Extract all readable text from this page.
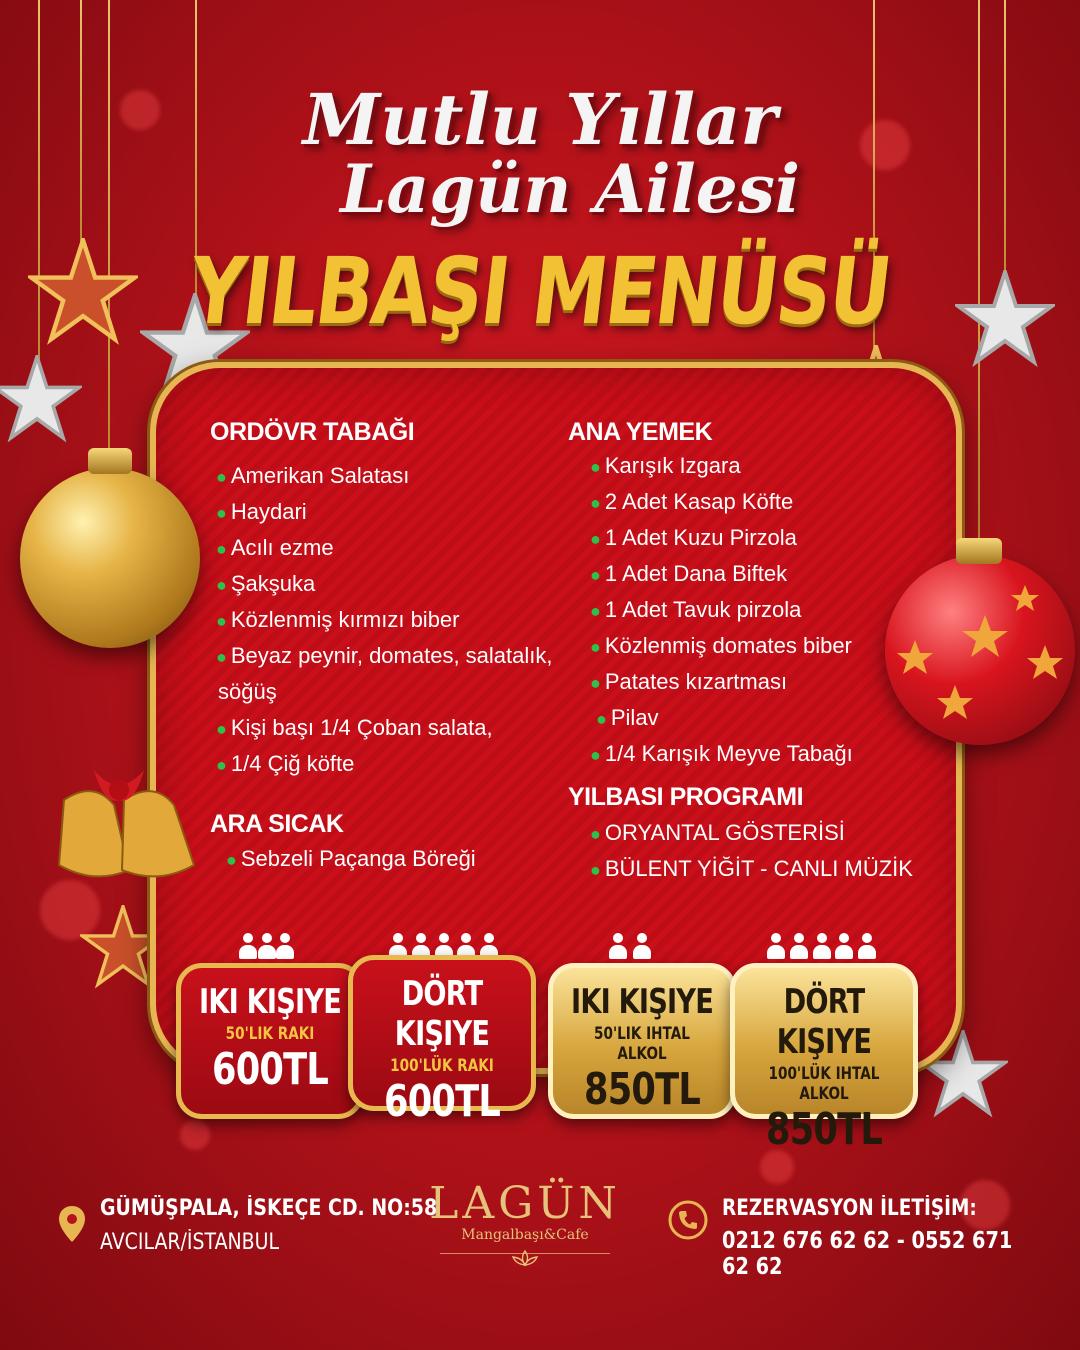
Mutlu Yıllar
Lagün Ailesi
YILBAŞI MENÜSÜ
ORDÖVR TABAĞI
● Amerikan Salatası
● Haydari
● Acılı ezme
● Şakşuka
● Közlenmiş kırmızı biber
● Beyaz peynir, domates, salatalık,
söğüş
● Kişi başı 1/4 Çoban salata,
● 1/4 Çiğ köfte
ARA SICAK
● Sebzeli Paçanga Böreği
ANA YEMEK
● Karışık Izgara
● 2 Adet Kasap Köfte
● 1 Adet Kuzu Pirzola
● 1 Adet Dana Biftek
● 1 Adet Tavuk pirzola
● Közlenmiş domates biber
● Patates kızartması
● Pilav
● 1/4 Karışık Meyve Tabağı
YILBASI PROGRAMI
● ORYANTAL GÖSTERİSİ
● BÜLENT YİĞİT - CANLI MÜZİK
IKI KIŞIYE
50'LIK RAKI
600TL
DÖRT KIŞIYE
100'LÜK RAKI
600TL
IKI KIŞIYE
50'LIK IHTAL ALKOL
850TL
DÖRT KIŞIYE
100'LÜK IHTAL ALKOL
850TL
GÜMÜŞPALA, İSKEÇE CD. NO:58
AVCILAR/İSTANBUL
LAGÜN
Mangalbaşı&Cafe
REZERVASYON İLETİŞİM:
0212 676 62 62 - 0552 671 62 62
